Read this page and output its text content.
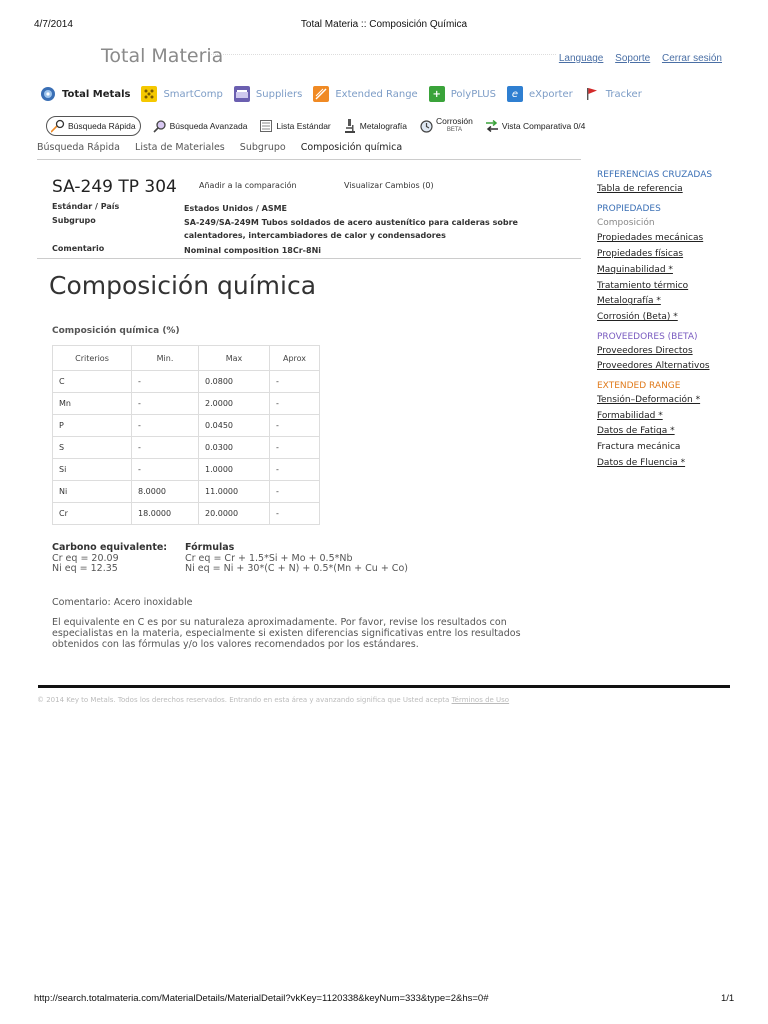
4/7/2014	Total Materia :: Composición Química
Total Materia	Language Soporte Cerrar sesión
Total Metals	SmartComp	Suppliers	Extended Range	+ PolyPLUS	e	eXporter	Tracker
Búsqueda Rápida	Búsqueda Avanzada	Lista Estándar	Metalografía	Corrosión
BETA	Vista Comparativa 0/4
Búsqueda Rápida Lista de Materiales Subgrupo Composición química
SA-249 TP 304	Añadir a la comparación	Visualizar Cambios (0)
Estándar / País	Estados Unidos / ASME
Subgrupo	SA-249/SA-249M Tubos soldados de acero austenítico para calderas sobre calentadores, intercambiadores de calor y condensadores
Comentario	Nominal composition 18Cr-8Ni
Composición química
Composición química (%)
Criterios	Min.	Max	Aprox
C	-	0.0800	-
Mn	-	2.0000	-
P	-	0.0450	-
S	-	0.0300	-
Si	-	1.0000	-
Ni	8.0000	11.0000	-
Cr	18.0000	20.0000	-
Carbono equivalente:
Cr eq = 20.09
Ni eq = 12.35
Fórmulas
Cr eq = Cr + 1.5*Si + Mo + 0.5*Nb
Ni eq = Ni + 30*(C + N) + 0.5*(Mn + Cu + Co)
Comentario: Acero inoxidable
El equivalente en C es por su naturaleza aproximadamente. Por favor, revise los resultados con especialistas en la materia, especialmente si existen diferencias significativas entre los resultados obtenidos con las fórmulas y/o los valores recomendados por los estándares.
© 2014 Key to Metals. Todos los derechos reservados. Entrando en esta área y avanzando significa que Usted acepta Términos de Uso
REFERENCIAS CRUZADAS
Tabla de referencia
PROPIEDADES
Composición
Propiedades mecánicas
Propiedades físicas
Maquinabilidad *
Tratamiento térmico
Metalografía *
Corrosión (Beta) *
PROVEEDORES (BETA)
Proveedores Directos
Proveedores Alternativos
EXTENDED RANGE
Tensión–Deformación *
Formabilidad *
Datos de Fatiga *
Fractura mecánica
Datos de Fluencia *
http://search.totalmateria.com/MaterialDetails/MaterialDetail?vkKey=1120338&keyNum=333&type=2&hs=0#	1/1
